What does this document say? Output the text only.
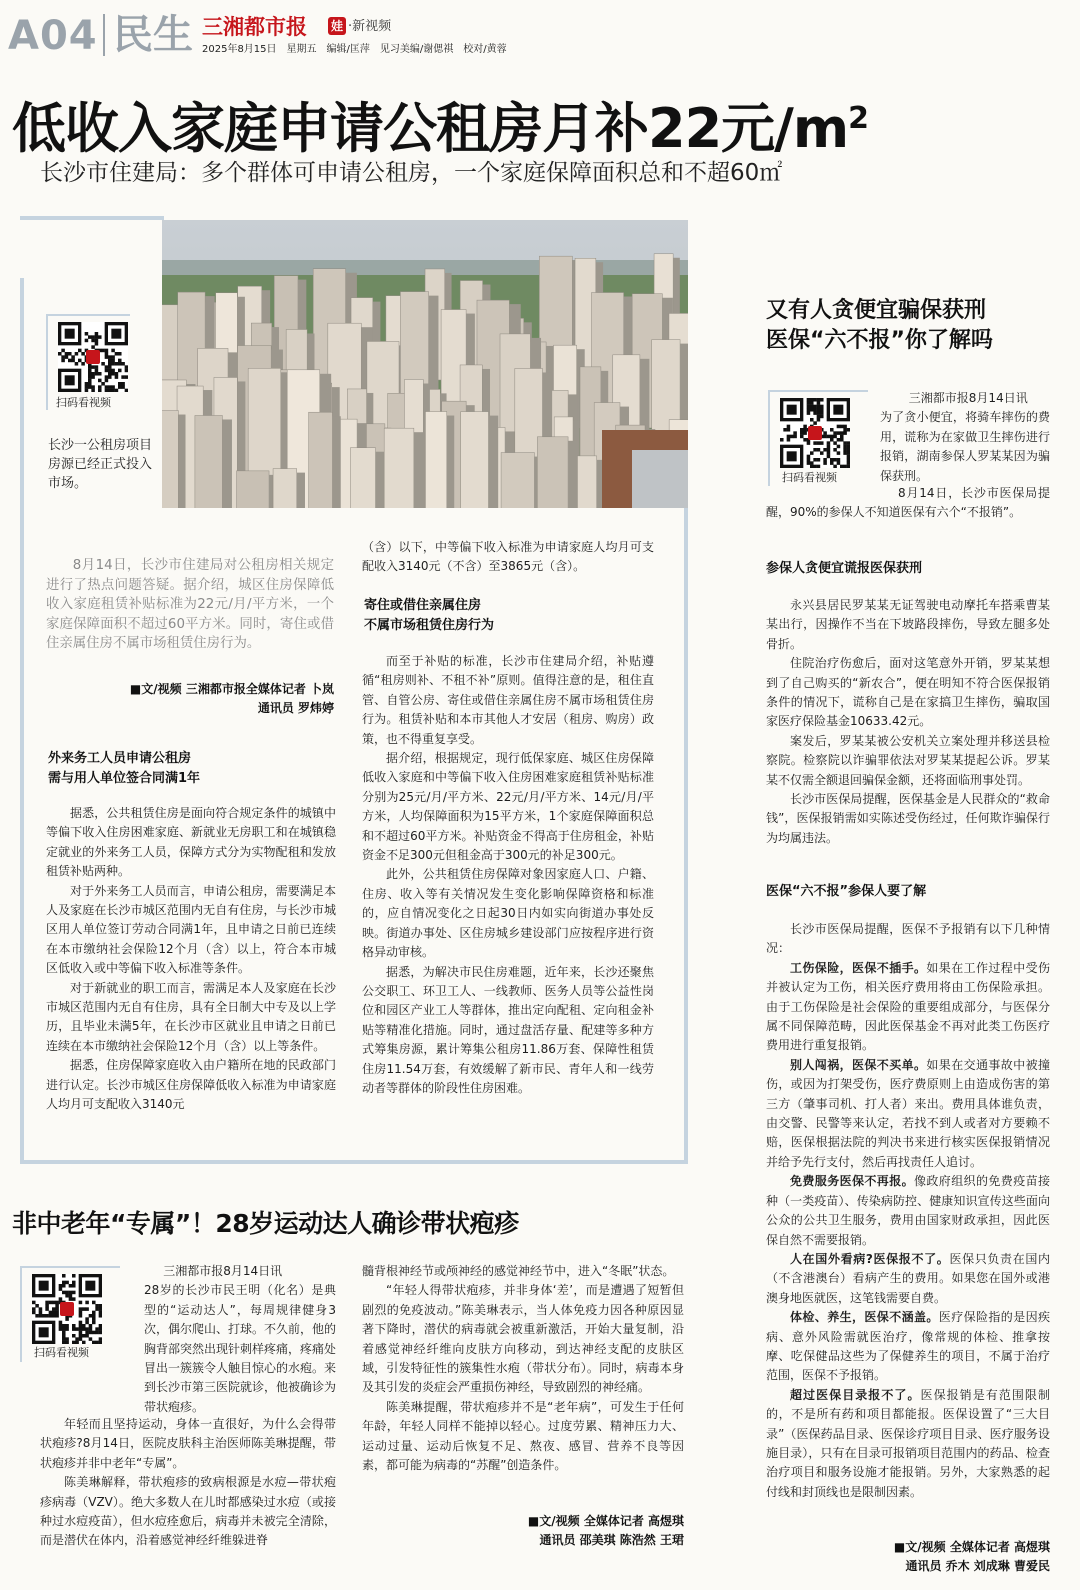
A04 民生 三湘都市报 娃 ·新视频
2025年8月15日　星期五　编辑/匡萍　见习美编/谢偲祺　校对/黄蓉
低收入家庭申请公租房月补22元$/m^2$
长沙市住建局：多个群体可申请公租房，一个家庭保障面积总和不超60㎡
长沙一公租房项目房源已经正式投入市场。
扫码看视频

8月14日，长沙市住建局对公租房相关规定进行了热点问题答疑。据介绍，城区住房保障低收入家庭租赁补贴标准为22元/月/平方米，一个家庭保障面积不超过60平方米。同时，寄住或借住亲属住房不属市场租赁住房行为。

■文/视频 三湘都市报全媒体记者 卜岚
通讯员 罗炜婷
外来务工人员申请公租房
需与用人单位签合同满1年

据悉，公共租赁住房是面向符合规定条件的城镇中等偏下收入住房困难家庭、新就业无房职工和在城镇稳定就业的外来务工人员，保障方式分为实物配租和发放租赁补贴两种。

对于外来务工人员而言，申请公租房，需要满足本人及家庭在长沙市城区范围内无自有住房，与长沙市城区用人单位签订劳动合同满1年，且申请之日前已连续在本市缴纳社会保险12个月（含）以上，符合本市城区低收入或中等偏下收入标准等条件。

对于新就业的职工而言，需满足本人及家庭在长沙市城区范围内无自有住房，具有全日制大中专及以上学历，且毕业未满5年，在长沙市区就业且申请之日前已连续在本市缴纳社会保险12个月（含）以上等条件。

据悉，住房保障家庭收入由户籍所在地的民政部门进行认定。长沙市城区住房保障低收入标准为申请家庭人均月可支配收入3140元

（含）以下，中等偏下收入标准为申请家庭人均月可支配收入3140元（不含）至3865元（含）。

寄住或借住亲属住房
不属市场租赁住房行为

而至于补贴的标准，长沙市住建局介绍，补贴遵循“租房则补、不租不补”原则。值得注意的是，租住直管、自管公房、寄住或借住亲属住房不属市场租赁住房行为。租赁补贴和本市其他人才安居（租房、购房）政策，也不得重复享受。

据介绍，根据规定，现行低保家庭、城区住房保障低收入家庭和中等偏下收入住房困难家庭租赁补贴标准分别为25元/月/平方米、22元/月/平方米、14元/月/平方米，人均保障面积为15平方米，1个家庭保障面积总和不超过60平方米。补贴资金不得高于住房租金，补贴资金不足300元但租金高于300元的补足300元。

此外，公共租赁住房保障对象因家庭人口、户籍、住房、收入等有关情况发生变化影响保障资格和标准的，应自情况变化之日起30日内如实向街道办事处反映。街道办事处、区住房城乡建设部门应按程序进行资格异动审核。

据悉，为解决市民住房难题，近年来，长沙还聚焦公交职工、环卫工人、一线教师、医务人员等公益性岗位和园区产业工人等群体，推出定向配租、定向租金补贴等精准化措施。同时，通过盘活存量、配建等多种方式筹集房源，累计筹集公租房11.86万套、保障性租赁住房11.54万套，有效缓解了新市民、青年人和一线劳动者等群体的阶段性住房困难。

又有人贪便宜骗保获刑
医保“六不报”你了解吗
扫码看视频

三湘都市报8月14日讯

为了贪小便宜，将骑车摔伤的费用，谎称为在家做卫生摔伤进行报销，湖南参保人罗某某因为骗保获刑。

8月14日，长沙市医保局提醒，90%的参保人不知道医保有六个“不报销”。

参保人贪便宜谎报医保获刑

永兴县居民罗某某无证驾驶电动摩托车搭乘曹某某出行，因操作不当在下坡路段摔伤，导致左腿多处骨折。

住院治疗伤愈后，面对这笔意外开销，罗某某想到了自己购买的“新农合”，便在明知不符合医保报销条件的情况下，谎称自己是在家搞卫生摔伤，骗取国家医疗保险基金10633.42元。

案发后，罗某某被公安机关立案处理并移送县检察院。检察院以诈骗罪依法对罗某某提起公诉。罗某某不仅需全额退回骗保金额，还将面临刑事处罚。

长沙市医保局提醒，医保基金是人民群众的“救命钱”，医保报销需如实陈述受伤经过，任何欺诈骗保行为均属违法。

医保“六不报”参保人要了解

长沙市医保局提醒，医保不予报销有以下几种情况：

工伤保险，医保不插手。如果在工作过程中受伤并被认定为工伤，相关医疗费用将由工伤保险承担。由于工伤保险是社会保险的重要组成部分，与医保分属不同保障范畴，因此医保基金不再对此类工伤医疗费用进行重复报销。

别人闯祸，医保不买单。如果在交通事故中被撞伤，或因为打架受伤，医疗费原则上由造成伤害的第三方（肇事司机、打人者）来出。费用具体谁负责，由交警、民警等来认定，若找不到人或者对方要赖不赔，医保根据法院的判决书来进行核实医保报销情况并给予先行支付，然后再找责任人追讨。

免费服务医保不再报。像政府组织的免费疫苗接种（一类疫苗）、传染病防控、健康知识宣传这些面向公众的公共卫生服务，费用由国家财政承担，因此医保自然不需要报销。

人在国外看病?医保报不了。医保只负责在国内（不含港澳台）看病产生的费用。如果您在国外或港澳身地医就医，这笔钱需要自费。

体检、养生，医保不涵盖。医疗保险指的是因疾病、意外风险需就医治疗，像常规的体检、推拿按摩、吃保健品这些为了保健养生的项目，不属于治疗范围，医保不予报销。

超过医保目录报不了。医保报销是有范围限制的，不是所有药和项目都能报。医保设置了“三大目录”（医保药品目录、医保诊疗项目目录、医疗服务设施目录），只有在目录可报销项目范围内的药品、检查治疗项目和服务设施才能报销。另外，大家熟悉的起付线和封顶线也是限制因素。

■文/视频 全媒体记者 高煜琪
通讯员 乔木 刘成琳 曹爱民
非中老年“专属”！28岁运动达人确诊带状疱疹
扫码看视频

三湘都市报8月14日讯

28岁的长沙市民王明（化名）是典型的“运动达人”，每周规律健身3次，偶尔爬山、打球。不久前，他的胸背部突然出现针刺样疼痛，疼痛处冒出一簇簇令人触目惊心的水疱。来到长沙市第三医院就诊，他被确诊为带状疱疹。

年轻而且坚持运动，身体一直很好，为什么会得带状疱疹?8月14日，医院皮肤科主治医师陈美琳提醒，带状疱疹并非中老年“专属”。

陈美琳解释，带状疱疹的致病根源是水痘—带状疱疹病毒（VZV）。绝大多数人在儿时都感染过水痘（或接种过水痘疫苗），但水痘痊愈后，病毒并未被完全清除，而是潜伏在体内，沿着感觉神经纤维躲进脊

髓背根神经节或颅神经的感觉神经节中，进入“冬眠”状态。

“年轻人得带状疱疹，并非身体‘差’，而是遭遇了短暂但剧烈的免疫波动。”陈美琳表示，当人体免疫力因各种原因显著下降时，潜伏的病毒就会被重新激活，开始大量复制，沿着感觉神经纤维向皮肤方向移动，到达神经支配的皮肤区域，引发特征性的簇集性水疱（带状分布）。同时，病毒本身及其引发的炎症会严重损伤神经，导致剧烈的神经痛。

陈美琳提醒，带状疱疹并不是“老年病”，可发生于任何年龄，年轻人同样不能掉以轻心。过度劳累、精神压力大、运动过量、运动后恢复不足、熬夜、感冒、营养不良等因素，都可能为病毒的“苏醒”创造条件。

■文/视频 全媒体记者 高煜琪
通讯员 邵美琪 陈浩然 王珺
